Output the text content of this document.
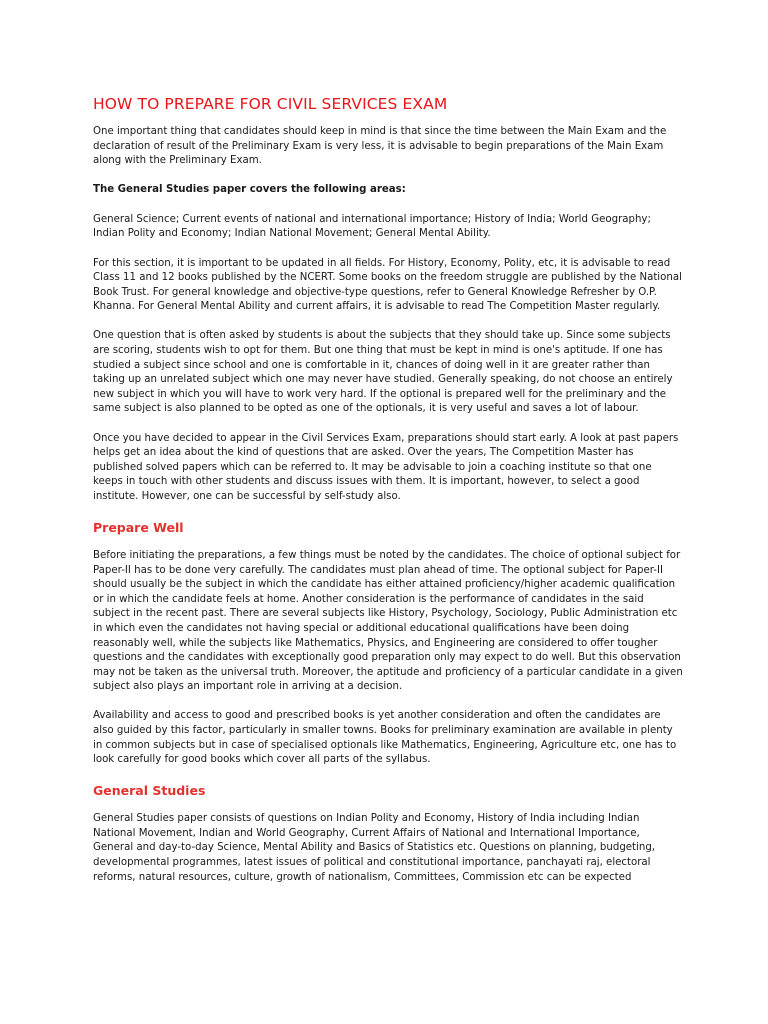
HOW TO PREPARE FOR CIVIL SERVICES EXAM

One important thing that candidates should keep in mind is that since the time between the Main Exam and the declaration of result of the Preliminary Exam is very less, it is advisable to begin preparations of the Main Exam along with the Preliminary Exam.

The General Studies paper covers the following areas:

General Science; Current events of national and international importance; History of India; World Geography; Indian Polity and Economy; Indian National Movement; General Mental Ability.

For this section, it is important to be updated in all fields. For History, Economy, Polity, etc, it is advisable to read Class 11 and 12 books published by the NCERT. Some books on the freedom struggle are published by the National Book Trust. For general knowledge and objective-type questions, refer to General Knowledge Refresher by O.P. Khanna. For General Mental Ability and current affairs, it is advisable to read The Competition Master regularly.

One question that is often asked by students is about the subjects that they should take up. Since some subjects are scoring, students wish to opt for them. But one thing that must be kept in mind is one's aptitude. If one has studied a subject since school and one is comfortable in it, chances of doing well in it are greater rather than taking up an unrelated subject which one may never have studied. Generally speaking, do not choose an entirely new subject in which you will have to work very hard. If the optional is prepared well for the preliminary and the same subject is also planned to be opted as one of the optionals, it is very useful and saves a lot of labour.

Once you have decided to appear in the Civil Services Exam, preparations should start early. A look at past papers helps get an idea about the kind of questions that are asked. Over the years, The Competition Master has published solved papers which can be referred to. It may be advisable to join a coaching institute so that one keeps in touch with other students and discuss issues with them. It is important, however, to select a good institute. However, one can be successful by self-study also.

Prepare Well

Before initiating the preparations, a few things must be noted by the candidates. The choice of optional subject for Paper-II has to be done very carefully. The candidates must plan ahead of time. The optional subject for Paper-II should usually be the subject in which the candidate has either attained proficiency/higher academic qualification or in which the candidate feels at home. Another consideration is the performance of candidates in the said subject in the recent past. There are several subjects like History, Psychology, Sociology, Public Administration etc in which even the candidates not having special or additional educational qualifications have been doing reasonably well, while the subjects like Mathematics, Physics, and Engineering are considered to offer tougher questions and the candidates with exceptionally good preparation only may expect to do well. But this observation may not be taken as the universal truth. Moreover, the aptitude and proficiency of a particular candidate in a given subject also plays an important role in arriving at a decision.

Availability and access to good and prescribed books is yet another consideration and often the candidates are also guided by this factor, particularly in smaller towns. Books for preliminary examination are available in plenty in common subjects but in case of specialised optionals like Mathematics, Engineering, Agriculture etc, one has to look carefully for good books which cover all parts of the syllabus.

General Studies

General Studies paper consists of questions on Indian Polity and Economy, History of India including Indian National Movement, Indian and World Geography, Current Affairs of National and International Importance, General and day-to-day Science, Mental Ability and Basics of Statistics etc. Questions on planning, budgeting, developmental programmes, latest issues of political and constitutional importance, panchayati raj, electoral reforms, natural resources, culture, growth of nationalism, Committees, Commission etc can be expected
